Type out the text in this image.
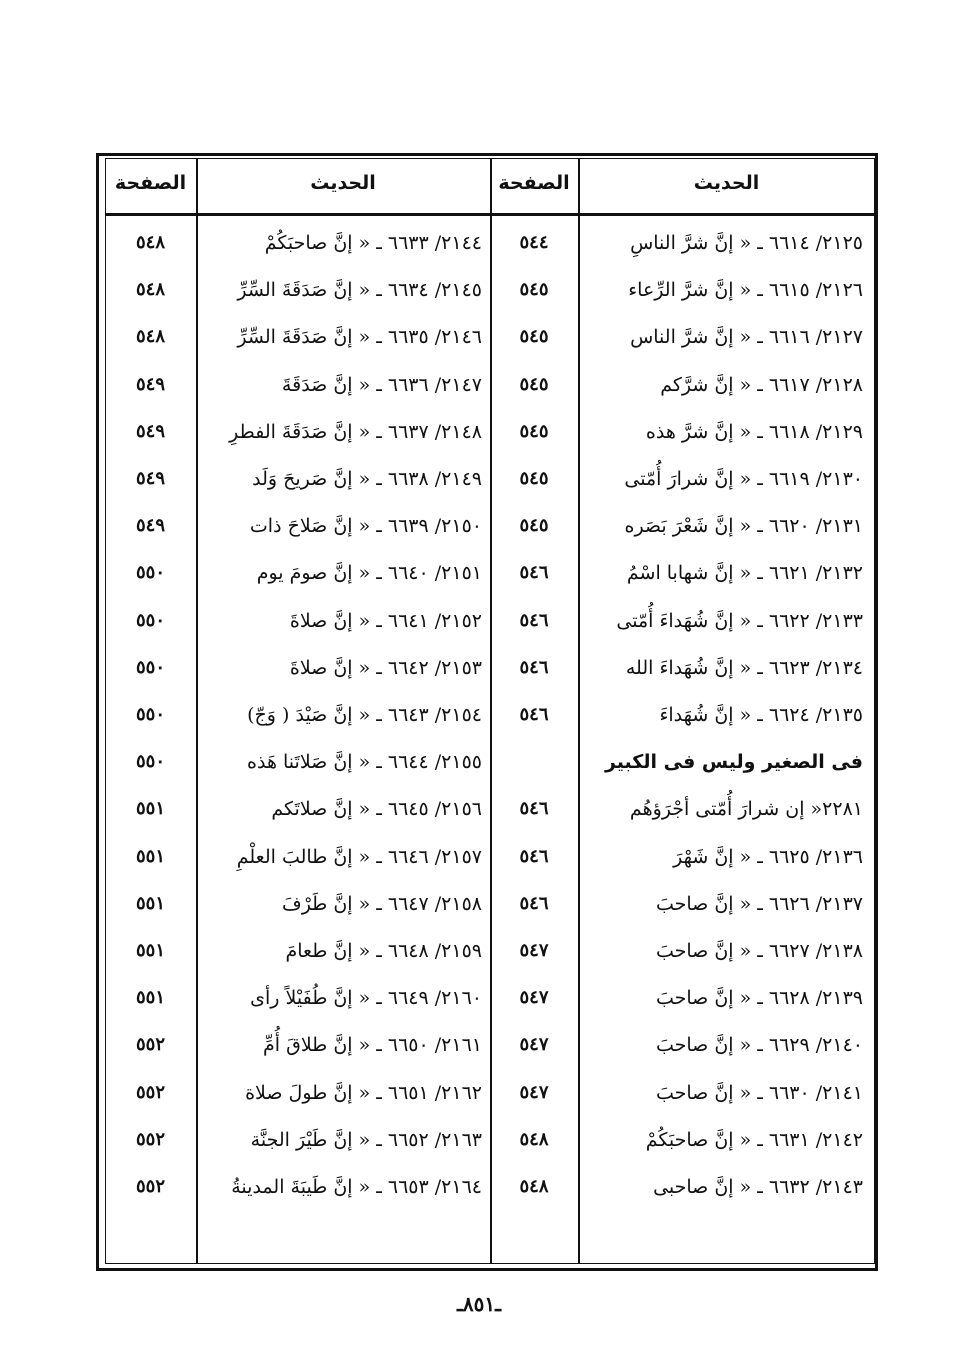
الحديث
الصفحة
الحديث
الصفحة
٢١٢٥/ ٦٦١٤ ـ « إنَّ شرَّ الناسِ
٥٤٤
٢١٢٦/ ٦٦١٥ ـ « إنَّ شرَّ الرِّعاء
٥٤٥
٢١٢٧/ ٦٦١٦ ـ « إنَّ شرَّ الناس
٥٤٥
٢١٢٨/ ٦٦١٧ ـ « إنَّ شرَّكم
٥٤٥
٢١٢٩/ ٦٦١٨ ـ « إنَّ شرَّ هذه
٥٤٥
٢١٣٠/ ٦٦١٩ ـ « إنَّ شرارَ أُمّتى
٥٤٥
٢١٣١/ ٦٦٢٠ ـ « إنَّ شَعْرَ بَصَره
٥٤٥
٢١٣٢/ ٦٦٢١ ـ « إنَّ شهابا اسْمُ
٥٤٦
٢١٣٣/ ٦٦٢٢ ـ « إنَّ شُهَداءَ أُمّتى
٥٤٦
٢١٣٤/ ٦٦٢٣ ـ « إنَّ شُهَداءَ الله
٥٤٦
٢١٣٥/ ٦٦٢٤ ـ « إنَّ شُهَداءَ
٥٤٦
فى الصغير وليس فى الكبير
٢٢٨١« إن شرارَ أُمّتى أجْرَؤهُم
٥٤٦
٢١٣٦/ ٦٦٢٥ ـ « إنَّ شَهْرَ
٥٤٦
٢١٣٧/ ٦٦٢٦ ـ « إنَّ صاحبَ
٥٤٦
٢١٣٨/ ٦٦٢٧ ـ « إنَّ صاحبَ
٥٤٧
٢١٣٩/ ٦٦٢٨ ـ « إنَّ صاحبَ
٥٤٧
٢١٤٠/ ٦٦٢٩ ـ « إنَّ صاحبَ
٥٤٧
٢١٤١/ ٦٦٣٠ ـ « إنَّ صاحبَ
٥٤٧
٢١٤٢/ ٦٦٣١ ـ « إنَّ صاحبَكُمْ
٥٤٨
٢١٤٣/ ٦٦٣٢ ـ « إنَّ صاحبى
٥٤٨
٢١٤٤/ ٦٦٣٣ ـ « إنَّ صاحبَكُمْ
٥٤٨
٢١٤٥/ ٦٦٣٤ ـ « إنَّ صَدَقَةَ السِّرِّ
٥٤٨
٢١٤٦/ ٦٦٣٥ ـ « إنَّ صَدَقَةَ السِّرِّ
٥٤٨
٢١٤٧/ ٦٦٣٦ ـ « إنَّ صَدَقَةَ
٥٤٩
٢١٤٨/ ٦٦٣٧ ـ « إنَّ صَدَقَةَ الفطرِ
٥٤٩
٢١٤٩/ ٦٦٣٨ ـ « إنَّ صَريحَ وَلَد
٥٤٩
٢١٥٠/ ٦٦٣٩ ـ « إنَّ صَلاحَ ذات
٥٤٩
٢١٥١/ ٦٦٤٠ ـ « إنَّ صومَ يوم
٥٥٠
٢١٥٢/ ٦٦٤١ ـ « إنَّ صلاةَ
٥٥٠
٢١٥٣/ ٦٦٤٢ ـ « إنَّ صلاةَ
٥٥٠
٢١٥٤/ ٦٦٤٣ ـ « إنَّ صَيْدَ ( وَجّ)
٥٥٠
٢١٥٥/ ٦٦٤٤ ـ « إنَّ صَلاتَنا هَذه
٥٥٠
٢١٥٦/ ٦٦٤٥ ـ « إنَّ صلاتَكم
٥٥١
٢١٥٧/ ٦٦٤٦ ـ « إنَّ طالبَ العلْمِ
٥٥١
٢١٥٨/ ٦٦٤٧ ـ « إنَّ طَرْفَ
٥٥١
٢١٥٩/ ٦٦٤٨ ـ « إنَّ طعامَ
٥٥١
٢١٦٠/ ٦٦٤٩ ـ « إنَّ طُفَيْلاً رأى
٥٥١
٢١٦١/ ٦٦٥٠ ـ « إنَّ طلاقَ أُمِّ
٥٥٢
٢١٦٢/ ٦٦٥١ ـ « إنَّ طولَ صلاة
٥٥٢
٢١٦٣/ ٦٦٥٢ ـ « إنَّ طَيْرَ الجنَّة
٥٥٢
٢١٦٤/ ٦٦٥٣ ـ « إنَّ طَيبَةَ المدينةُ
٥٥٢
ـ٨٥١ـ
